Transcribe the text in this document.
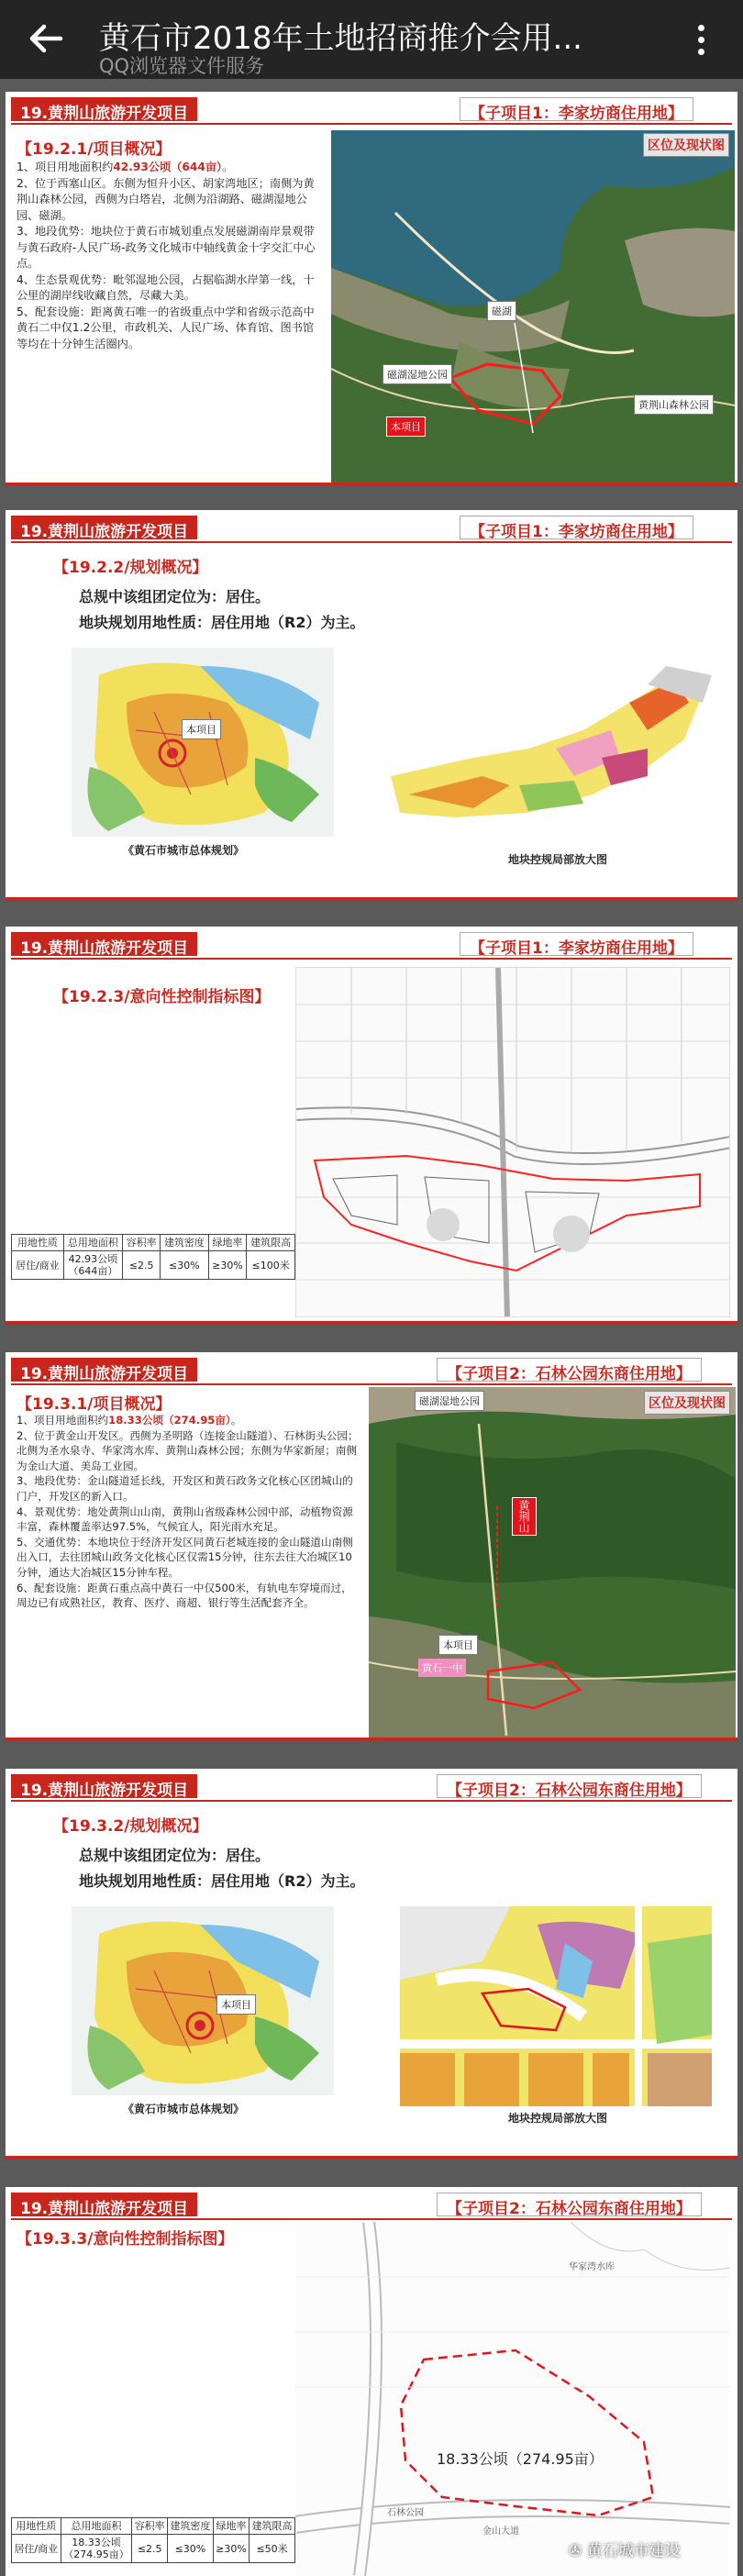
黄石市2018年土地招商推介会用...
QQ浏览器文件服务
19.黄荆山旅游开发项目	【子项目1：李家坊商住用地】
【19.2.1/项目概况】
1、项目用地面积约42.93公顷（644亩）。
2、位于西塞山区。东侧为恒升小区、胡家湾地区；南侧为黄荆山森林公园，西侧为白塔岩，北侧为沿湖路、磁湖湿地公园、磁湖。
3、地段优势：地块位于黄石市城划重点发展磁湖南岸景观带与黄石政府-人民广场-政务文化城市中轴线黄金十字交汇中心点。
4、生态景观优势：毗邻湿地公园，占据临湖水岸第一线，十公里的湖岸线收藏自然，尽藏大美。
5、配套设施：距离黄石唯一的省级重点中学和省级示范高中黄石二中仅1.2公里，市政机关、人民广场、体育馆、图书馆等均在十分钟生活圈内。
区位及现状图
磁湖
磁湖湿地公园
黄荆山森林公园
本项目
19.黄荆山旅游开发项目	【子项目1：李家坊商住用地】
【19.2.2/规划概况】
总规中该组团定位为：居住。
地块规划用地性质：居住用地（R2）为主。
本项目
《黄石市城市总体规划》
地块控规局部放大图
19.黄荆山旅游开发项目	【子项目1：李家坊商住用地】
【19.2.3/意向性控制指标图】
用地性质	总用地面积	容积率	建筑密度	绿地率	建筑限高
居住/商业	42.93公顷
（644亩）	≤2.5	≤30%	≥30%	≤100米
19.黄荆山旅游开发项目	【子项目2：石林公园东商住用地】
【19.3.1/项目概况】
1、项目用地面积约18.33公顷（274.95亩）。
2、位于黄金山开发区。西侧为圣明路（连接金山隧道）、石林街头公园；北侧为圣水泉寺、华家湾水库、黄荆山森林公园；东侧为华家新屋；南侧为金山大道、美岛工业园。
3、地段优势：金山隧道延长线，开发区和黄石政务文化核心区团城山的门户，开发区的新入口。
4、景观优势：地处黄荆山山南，黄荆山省级森林公园中部，动植物资源丰富，森林覆盖率达97.5%，气候宜人，阳光雨水充足。
5、交通优势：本地块位于经济开发区同黄石老城连接的金山隧道山南侧出入口，去往团城山政务文化核心区仅需15分钟，往东去往大冶城区10分钟，通达大冶城区15分钟车程。
6、配套设施：距黄石重点高中黄石一中仅500米，有轨电车穿境而过，周边已有成熟社区，教育、医疗、商超、银行等生活配套齐全。
区位及现状图
磁湖湿地公园
黄荆山
本项目
黄石一中
19.黄荆山旅游开发项目	【子项目2：石林公园东商住用地】
【19.3.2/规划概况】
总规中该组团定位为：居住。
地块规划用地性质：居住用地（R2）为主。
本项目
《黄石市城市总体规划》
地块控规局部放大图
19.黄荆山旅游开发项目	【子项目2：石林公园东商住用地】
【19.3.3/意向性控制指标图】
18.33公顷（274.95亩）
华家湾水库
石林公园
金山大道
用地性质	总用地面积	容积率	建筑密度	绿地率	建筑限高
居住/商业	18.33公顷
（274.95亩）	≤2.5	≤30%	≥30%	≤50米	✇ 黄石城市建设
